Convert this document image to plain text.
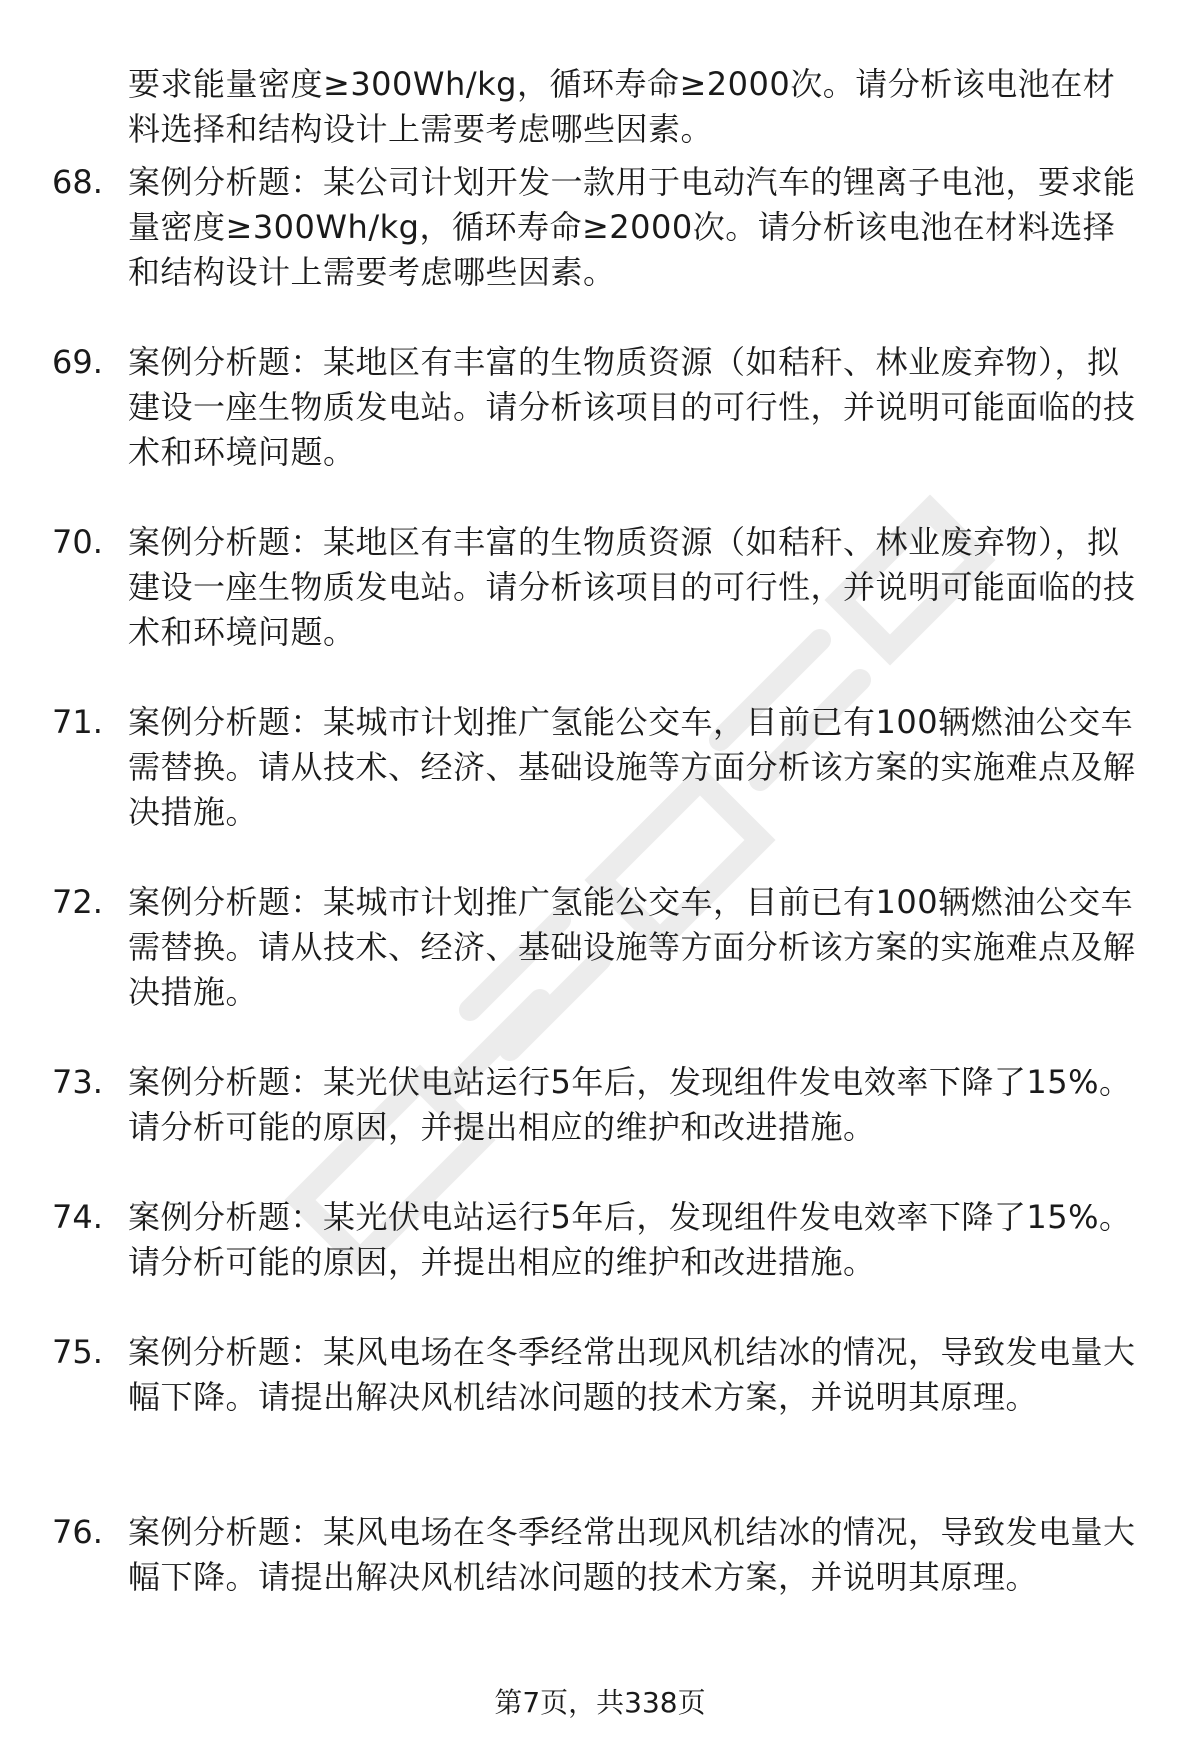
要求能量密度≥300Wh/kg，循环寿命≥2000次。请分析该电池在材料选择和结构设计上需要考虑哪些因素。
68. 案例分析题：某公司计划开发一款用于电动汽车的锂离子电池，要求能量密度≥300Wh/kg，循环寿命≥2000次。请分析该电池在材料选择和结构设计上需要考虑哪些因素。
69. 案例分析题：某地区有丰富的生物质资源（如秸秆、林业废弃物），拟建设一座生物质发电站。请分析该项目的可行性，并说明可能面临的技术和环境问题。
70. 案例分析题：某地区有丰富的生物质资源（如秸秆、林业废弃物），拟建设一座生物质发电站。请分析该项目的可行性，并说明可能面临的技术和环境问题。
71. 案例分析题：某城市计划推广氢能公交车，目前已有100辆燃油公交车需替换。请从技术、经济、基础设施等方面分析该方案的实施难点及解决措施。
72. 案例分析题：某城市计划推广氢能公交车，目前已有100辆燃油公交车需替换。请从技术、经济、基础设施等方面分析该方案的实施难点及解决措施。
73. 案例分析题：某光伏电站运行5年后，发现组件发电效率下降了15%。请分析可能的原因，并提出相应的维护和改进措施。
74. 案例分析题：某光伏电站运行5年后，发现组件发电效率下降了15%。请分析可能的原因，并提出相应的维护和改进措施。
75. 案例分析题：某风电场在冬季经常出现风机结冰的情况，导致发电量大幅下降。请提出解决风机结冰问题的技术方案，并说明其原理。
76. 案例分析题：某风电场在冬季经常出现风机结冰的情况，导致发电量大幅下降。请提出解决风机结冰问题的技术方案，并说明其原理。
第7页，共338页
